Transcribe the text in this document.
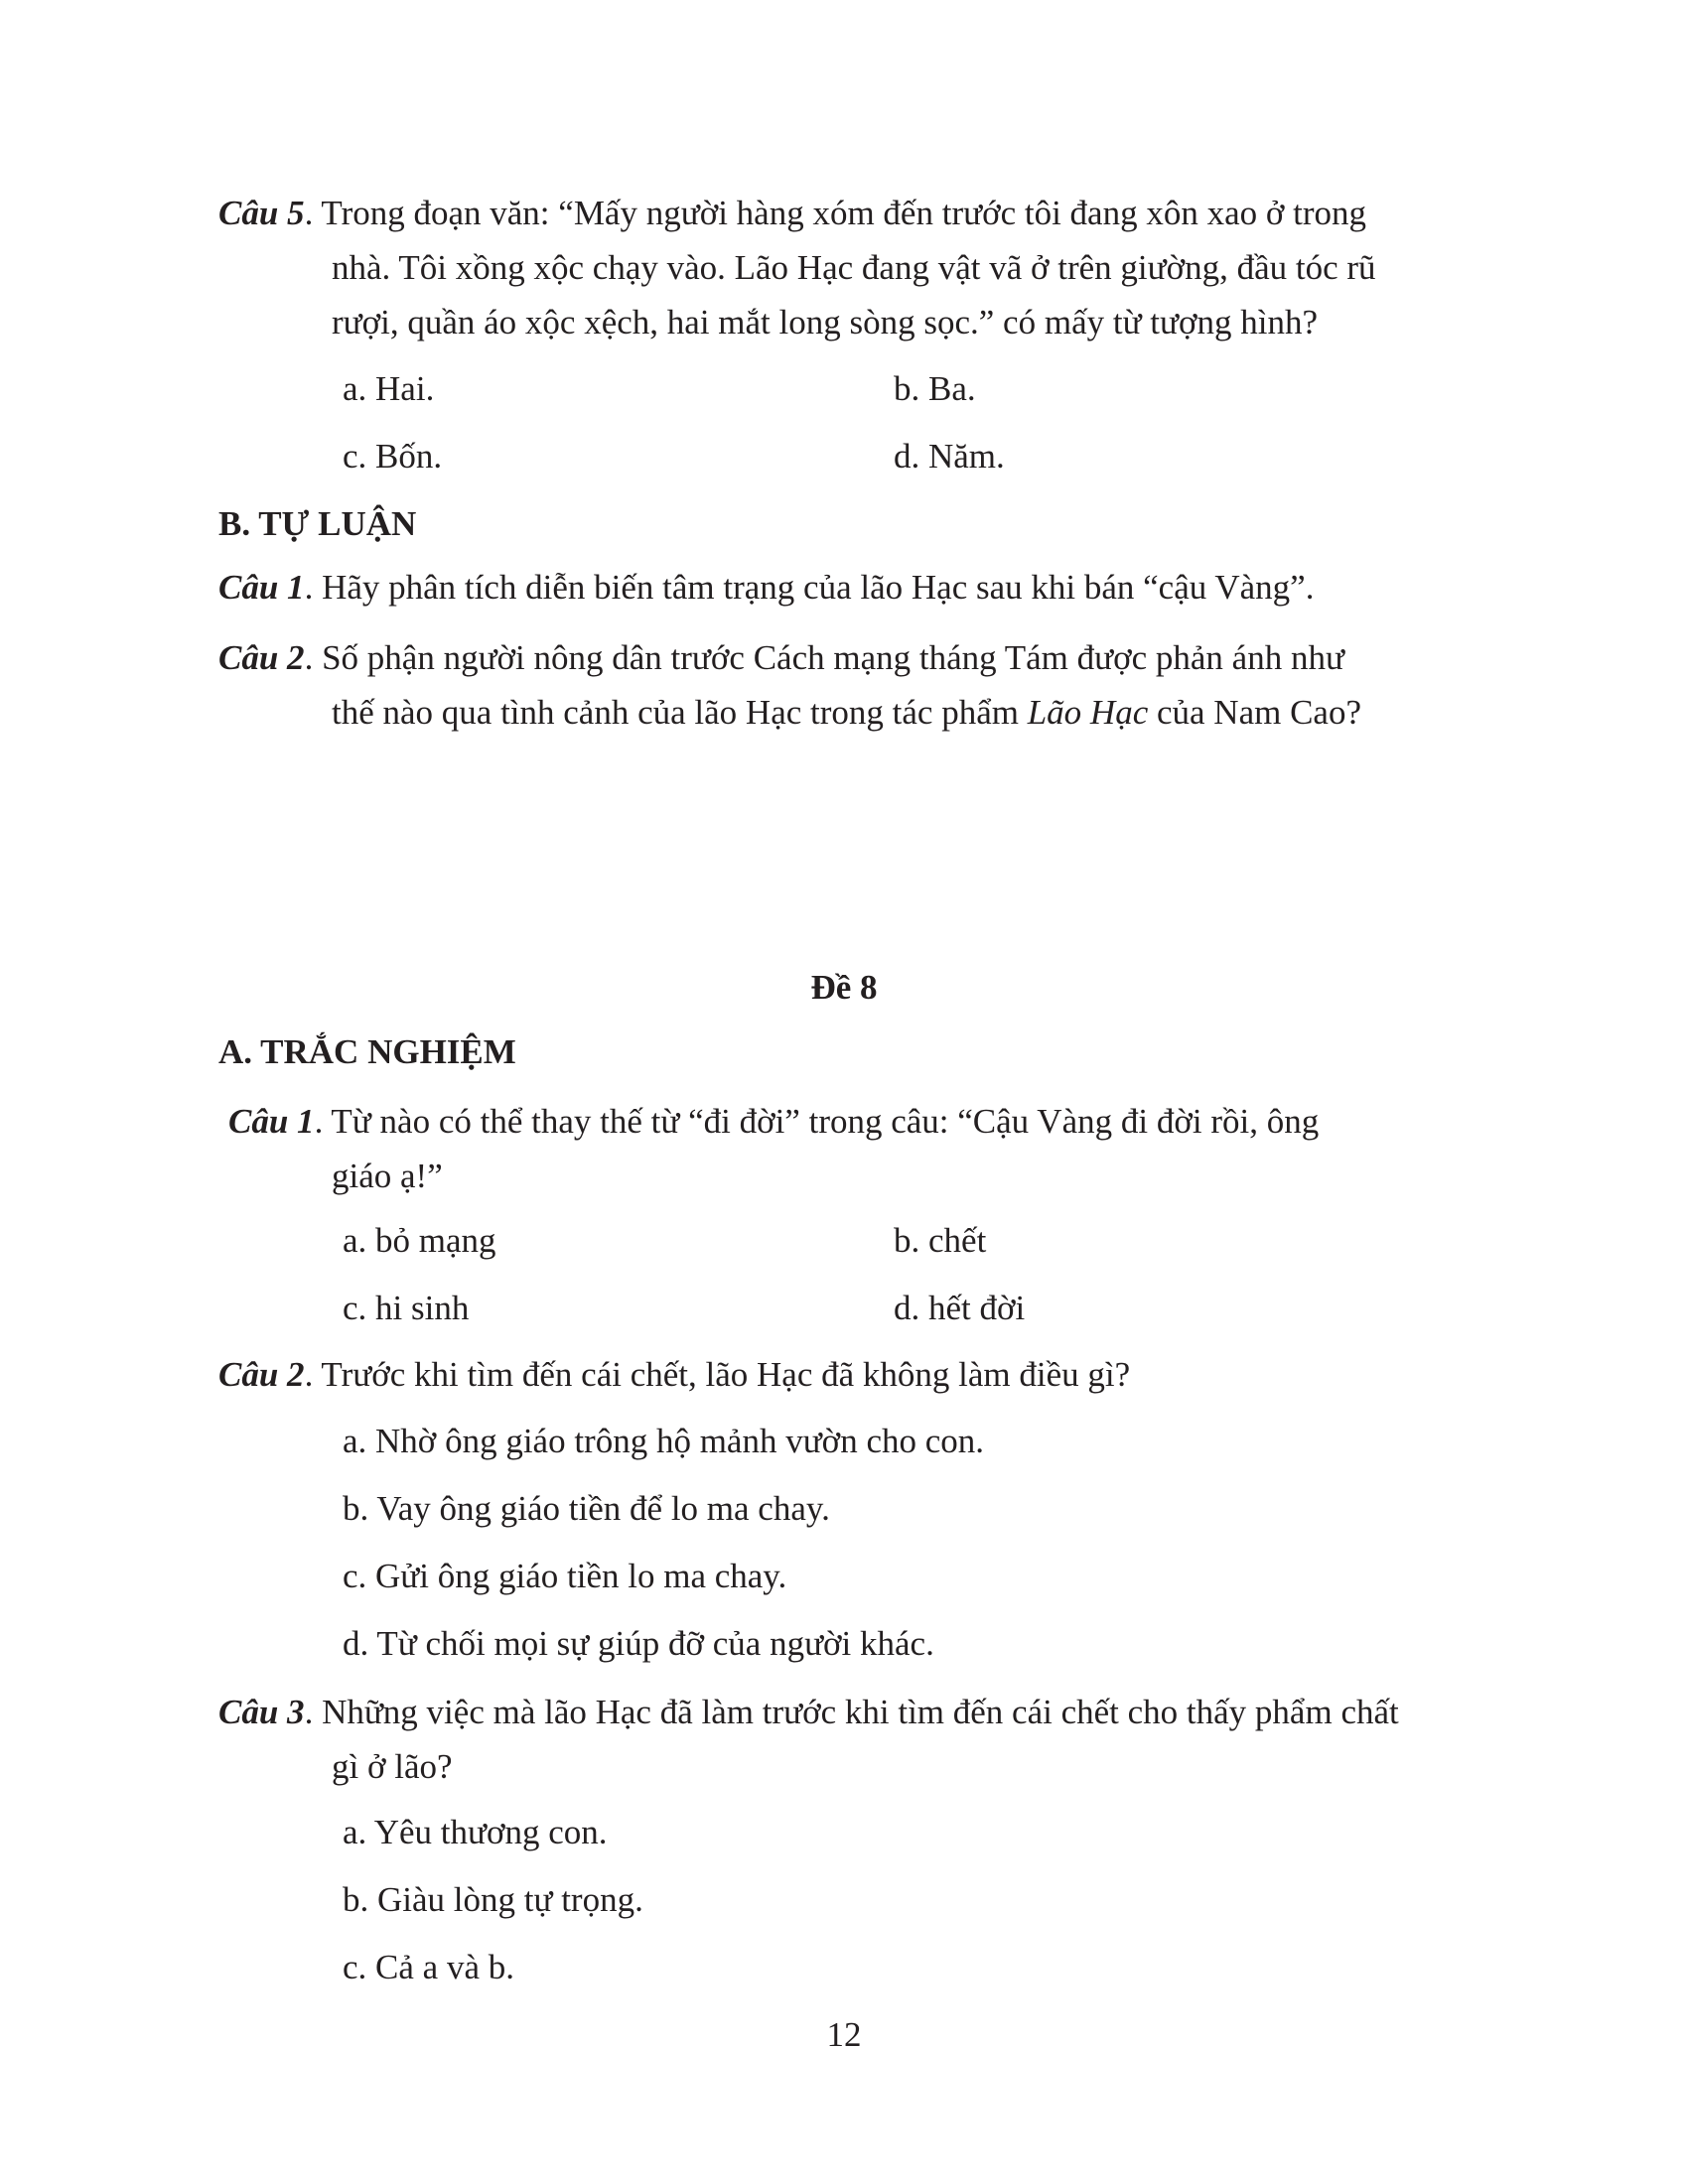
Câu 5. Trong đoạn văn: “Mấy người hàng xóm đến trước tôi đang xôn xao ở trong
nhà. Tôi xồng xộc chạy vào. Lão Hạc đang vật vã ở trên giường, đầu tóc rũ
rượi, quần áo xộc xệch, hai mắt long sòng sọc.” có mấy từ tượng hình?
a. Hai.	b. Ba.
c. Bốn.	d. Năm.
B. TỰ LUẬN
Câu 1. Hãy phân tích diễn biến tâm trạng của lão Hạc sau khi bán “cậu Vàng”.
Câu 2. Số phận người nông dân trước Cách mạng tháng Tám được phản ánh như
thế nào qua tình cảnh của lão Hạc trong tác phẩm Lão Hạc của Nam Cao?
Đề 8
A. TRẮC NGHIỆM
Câu 1. Từ nào có thể thay thế từ “đi đời” trong câu: “Cậu Vàng đi đời rồi, ông
giáo ạ!”
a. bỏ mạng	b. chết
c. hi sinh	d. hết đời
Câu 2. Trước khi tìm đến cái chết, lão Hạc đã không làm điều gì?
a. Nhờ ông giáo trông hộ mảnh vườn cho con.
b. Vay ông giáo tiền để lo ma chay.
c. Gửi ông giáo tiền lo ma chay.
d. Từ chối mọi sự giúp đỡ của người khác.
Câu 3. Những việc mà lão Hạc đã làm trước khi tìm đến cái chết cho thấy phẩm chất
gì ở lão?
a. Yêu thương con.
b. Giàu lòng tự trọng.
c. Cả a và b.
12
